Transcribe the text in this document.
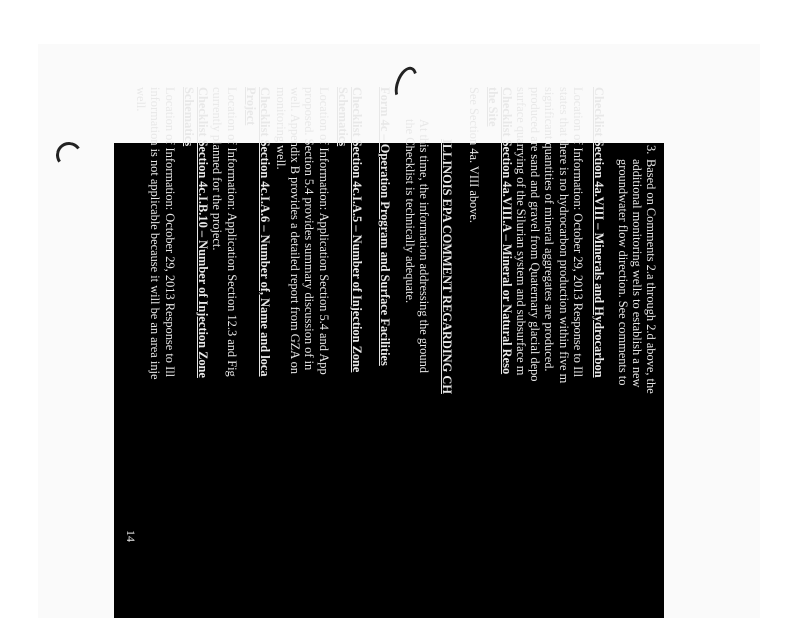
3.

Based on Comments 2.a through 2.d above, the

additional monitoring wells to establish a new

groundwater flow direction. See comments to

Checklist Section 4a.VIII – Minerals and Hydrocarbon

Location of Information: October 29, 2013 Response to Ill

states that there is no hydrocarbon production within five m

significant quantities of mineral aggregates are produced.

produced are sand and gravel from Quaternary glacial depo

surface quarrying of the Silurian system and subsurface m

Checklist Section 4a.VIII.A – Mineral or Natural Reso

the Site

See Section 4a. VIII above.

ILLINOIS EPA COMMENT REGARDING CH

At this time, the information addressing the ground

the Checklist is technically adequate.

Form 4c – Operation Program and Surface Facilities

Checklist Section 4c.I.A.5 – Number of Injection Zone

Schematics

Location of Information: Application Section 5.4 and App

proposed. Section 5.4 provides summary discussion of in

well. Appendix B provides a detailed report from GZA on

monitoring well.

Checklist Section 4c.I.A.6 – Number of, Name and loca

Project

Location of Information: Application Section 12.3 and Fig

currently planned for the project.

Checklist Section 4c.I.B.10 – Number of Injection Zone

Schematics

Location of Information: October 29, 2013 Response to Ill

information is not applicable because it will be an area inje

well.

14
